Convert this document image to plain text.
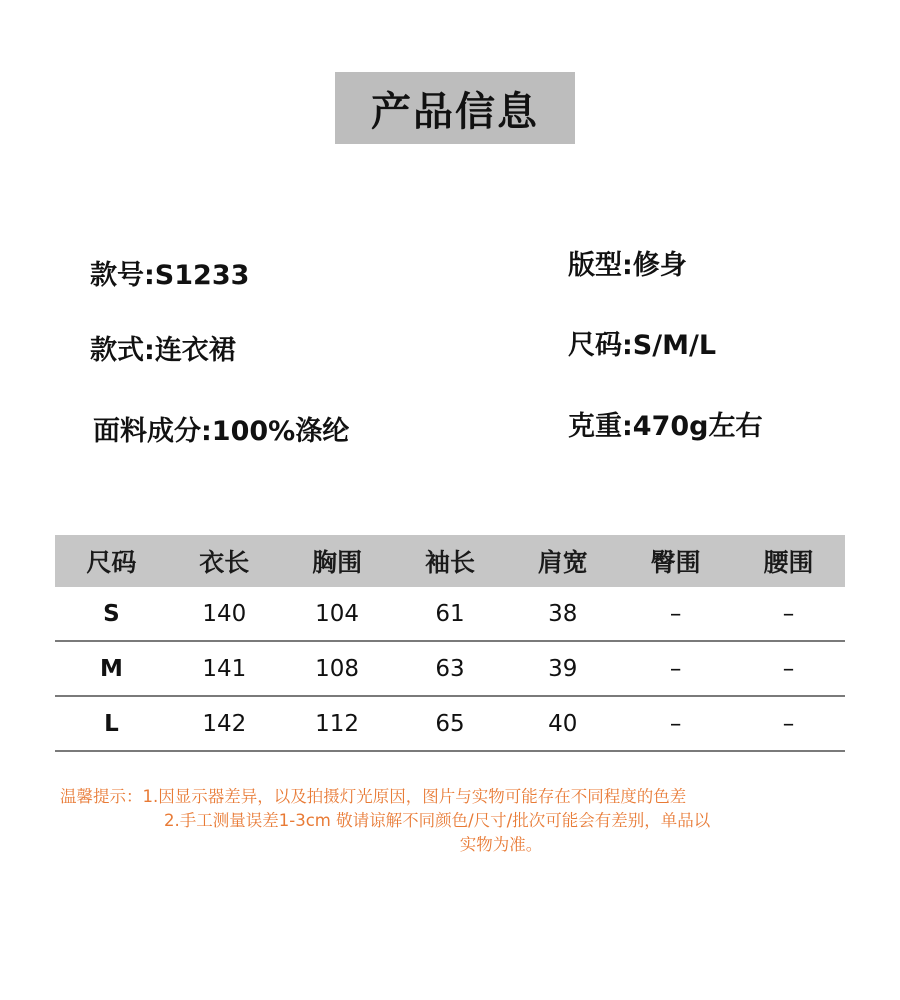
产品信息
款号:S1233
款式:连衣裙
面料成分:100%涤纶
版型:修身
尺码:S/M/L
克重:470g左右
尺码	衣长	胸围	袖长	肩宽	臀围	腰围
S	140	104	61	38	–	–
M	141	108	63	39	–	–
L	142	112	65	40	–	–
温馨提示：1.因显示器差异，以及拍摄灯光原因，图片与实物可能存在不同程度的色差
2.手工测量误差1-3cm 敬请谅解不同颜色/尺寸/批次可能会有差别，单品以
实物为准。
